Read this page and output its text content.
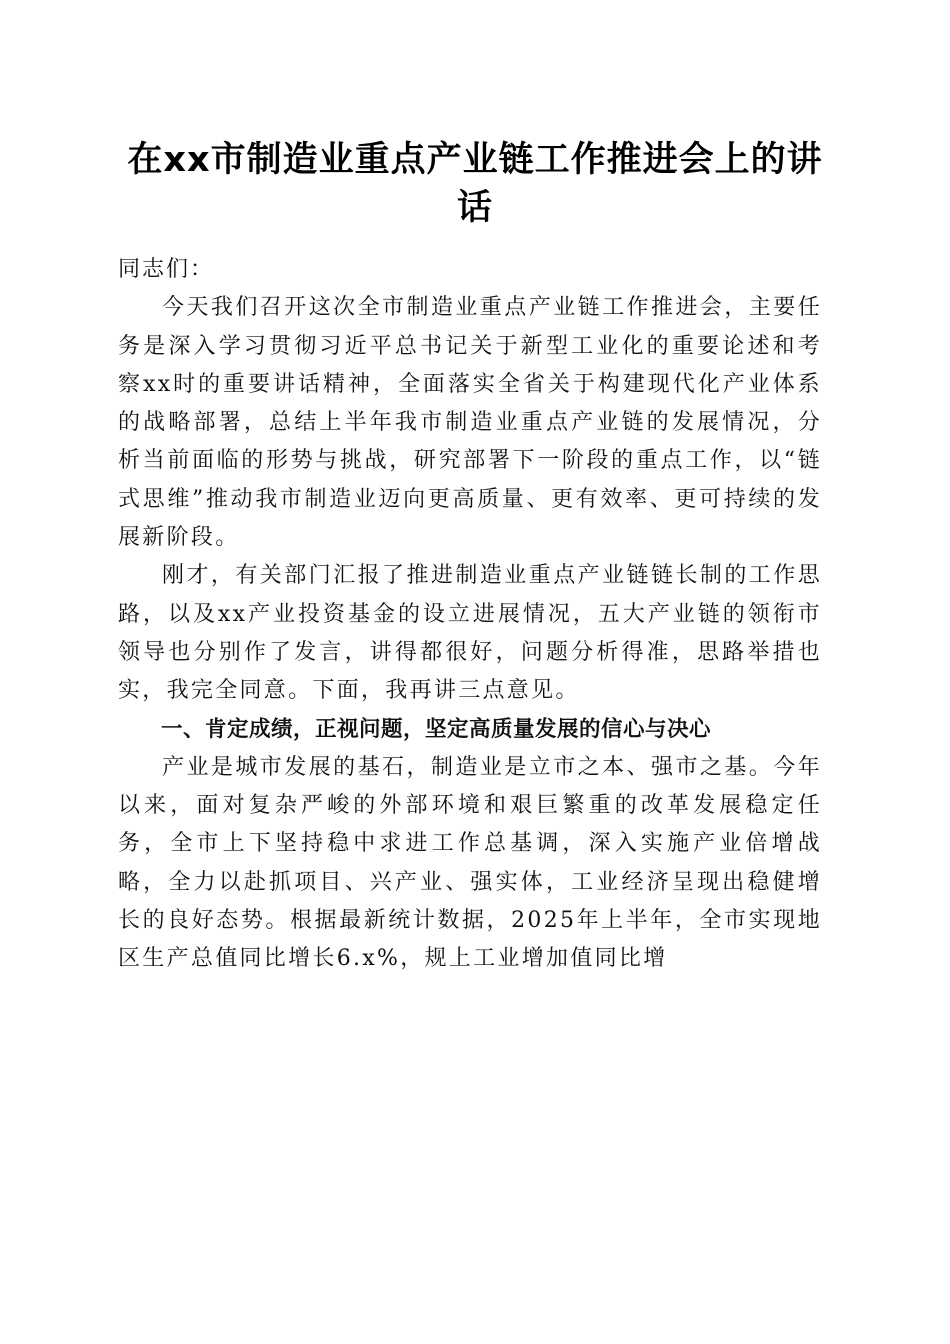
在xx市制造业重点产业链工作推进会上的讲话

同志们：

今天我们召开这次全市制造业重点产业链工作推进会，主要任务是深入学习贯彻习近平总书记关于新型工业化的重要论述和考察xx时的重要讲话精神，全面落实全省关于构建现代化产业体系的战略部署，总结上半年我市制造业重点产业链的发展情况，分析当前面临的形势与挑战，研究部署下一阶段的重点工作，以“链式思维”推动我市制造业迈向更高质量、更有效率、更可持续的发展新阶段。

刚才，有关部门汇报了推进制造业重点产业链链长制的工作思路，以及xx产业投资基金的设立进展情况，五大产业链的领衔市领导也分别作了发言，讲得都很好，问题分析得准，思路举措也实，我完全同意。下面，我再讲三点意见。

一、肯定成绩，正视问题，坚定高质量发展的信心与决心

产业是城市发展的基石，制造业是立市之本、强市之基。今年以来，面对复杂严峻的外部环境和艰巨繁重的改革发展稳定任务，全市上下坚持稳中求进工作总基调，深入实施产业倍增战略，全力以赴抓项目、兴产业、强实体，工业经济呈现出稳健增长的良好态势。根据最新统计数据，2025年上半年，全市实现地区生产总值同比增长6.x%，规上工业增加值同比增
